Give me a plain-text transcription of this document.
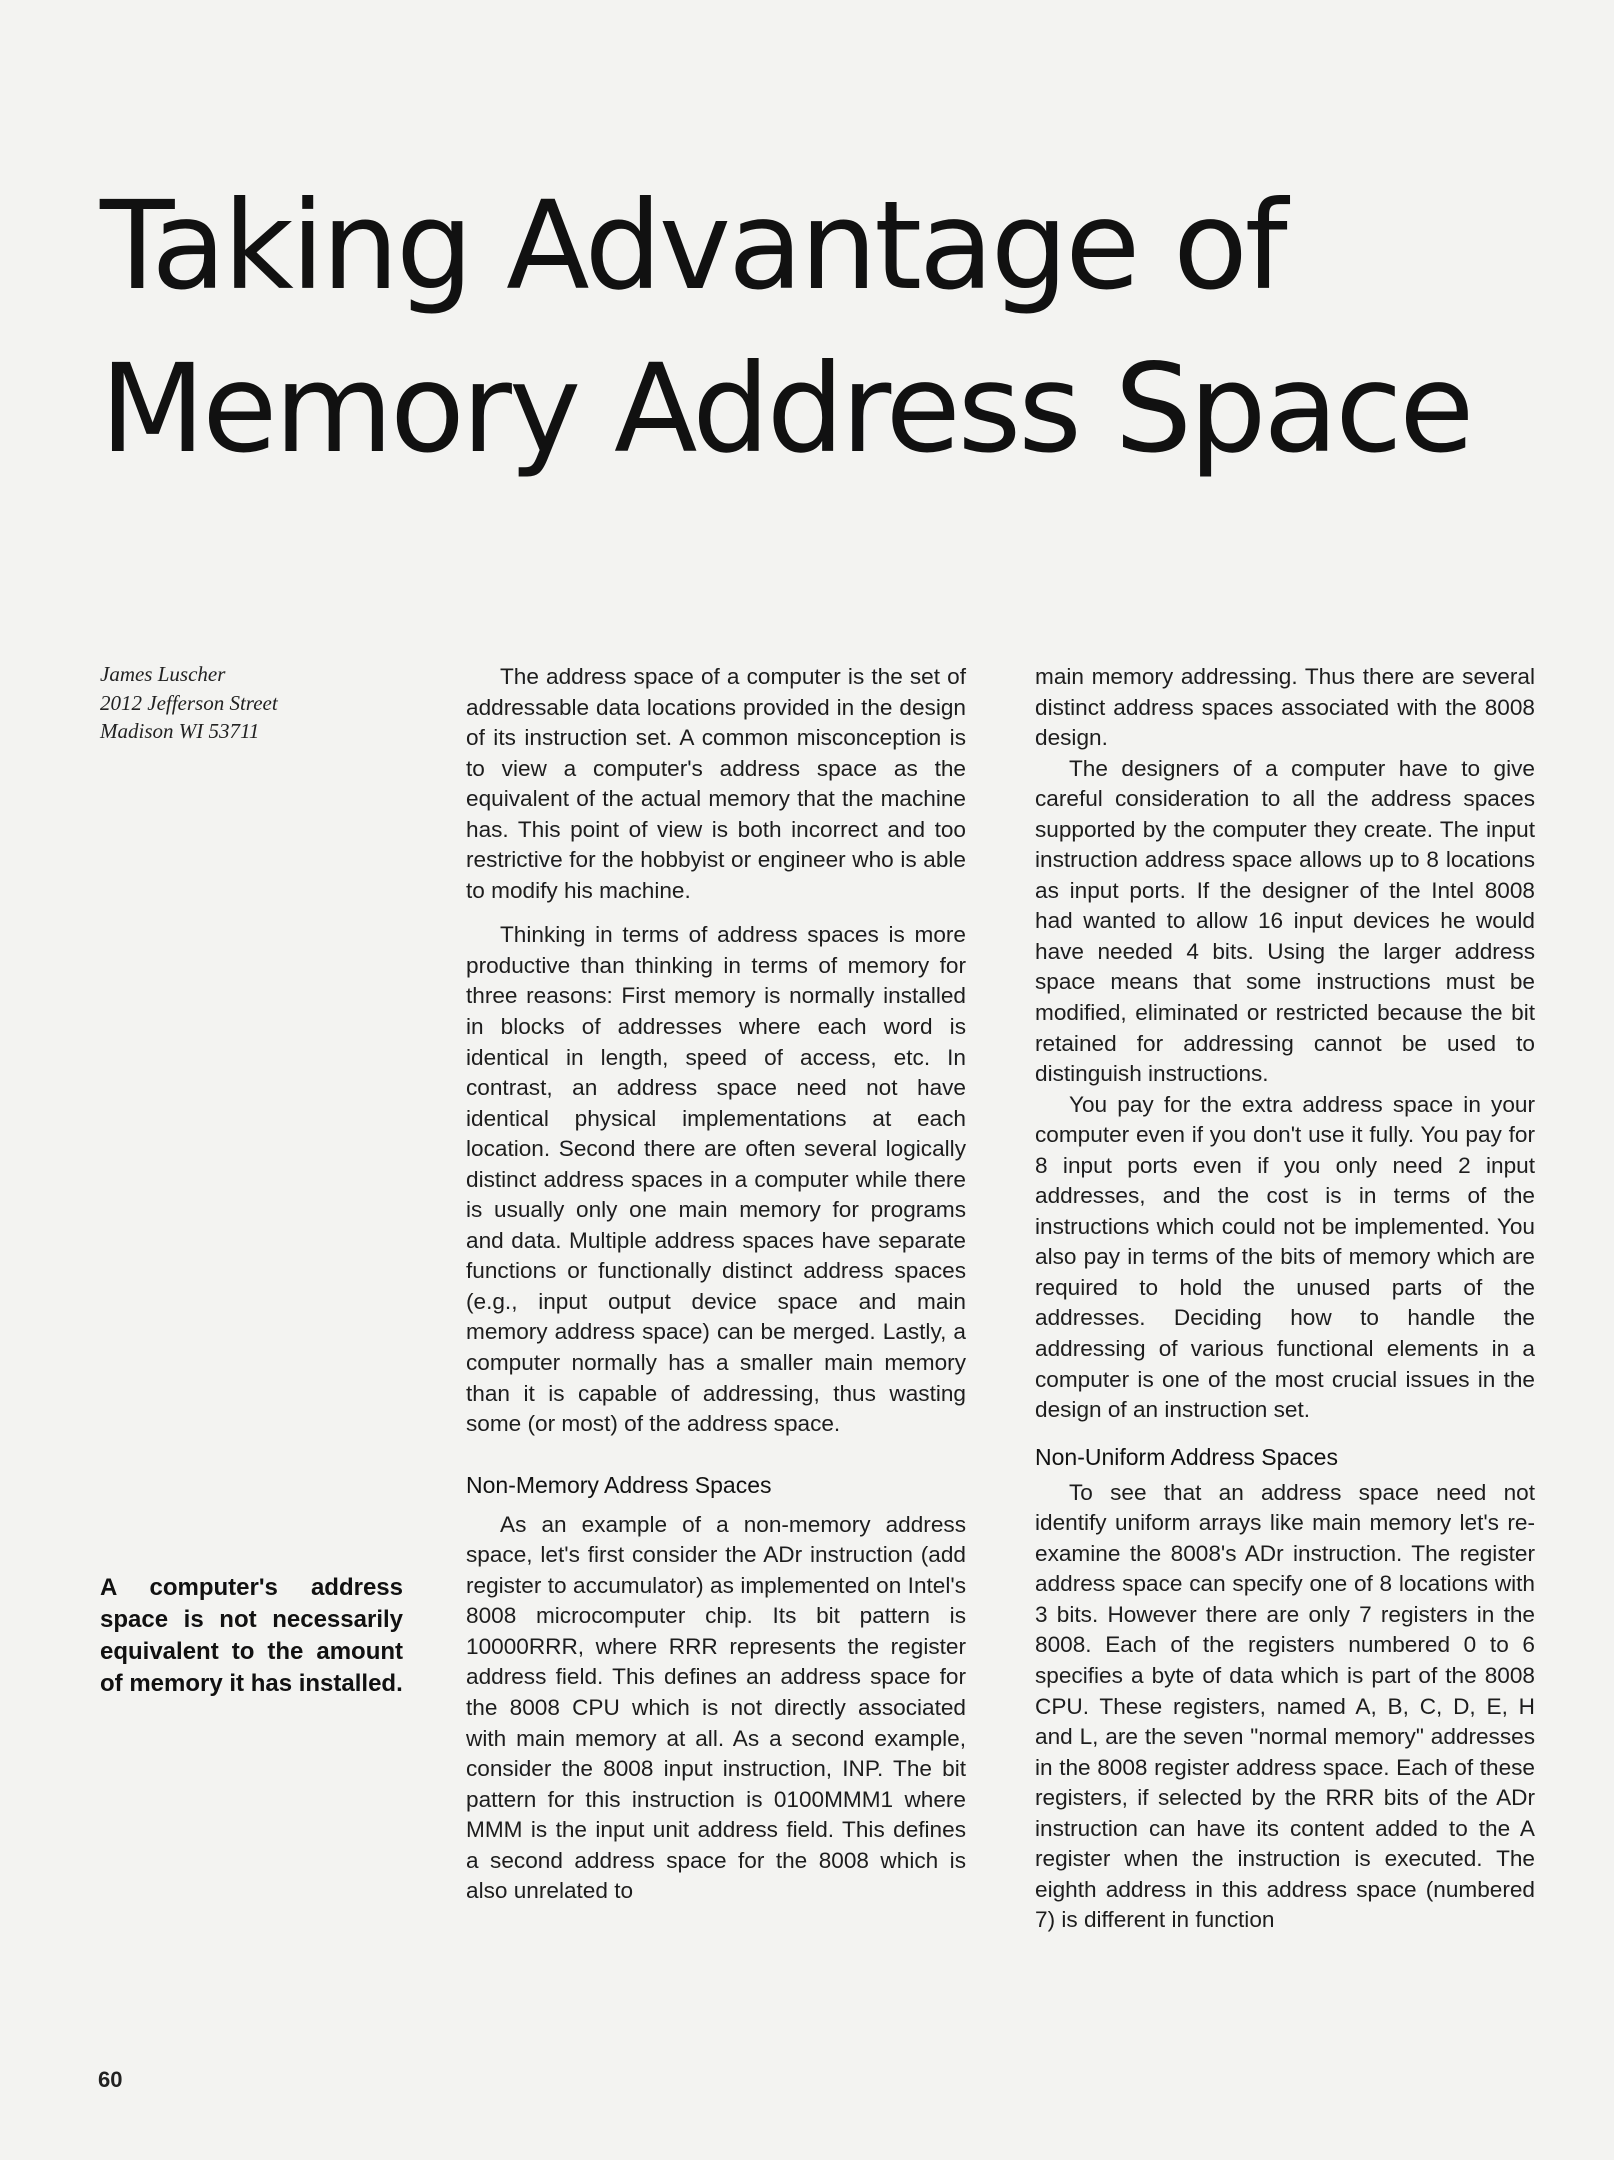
Taking Advantage of
Memory Address Space
James Luscher
2012 Jefferson Street
Madison WI 53711

A computer's address space is not necessarily equivalent to the amount of memory it has installed.

The address space of a computer is the set of addressable data locations provided in the design of its instruction set. A common misconception is to view a computer's address space as the equivalent of the actual memory that the machine has. This point of view is both incorrect and too restrictive for the hobbyist or engineer who is able to modify his machine.

Thinking in terms of address spaces is more productive than thinking in terms of memory for three reasons: First memory is normally installed in blocks of addresses where each word is identical in length, speed of access, etc. In contrast, an address space need not have identical physical implementations at each location. Second there are often several logically distinct address spaces in a computer while there is usually only one main memory for programs and data. Multiple address spaces have separate functions or functionally distinct address spaces (e.g., input output device space and main memory address space) can be merged. Lastly, a computer normally has a smaller main memory than it is capable of addressing, thus wasting some (or most) of the address space.

Non-Memory Address Spaces

As an example of a non-memory address space, let's first consider the ADr instruction (add register to accumulator) as implemented on Intel's 8008 microcomputer chip. Its bit pattern is 10000RRR, where RRR represents the register address field. This defines an address space for the 8008 CPU which is not directly associated with main memory at all. As a second example, consider the 8008 input instruction, INP. The bit pattern for this instruction is 0100MMM1 where MMM is the input unit address field. This defines a second address space for the 8008 which is also unrelated to

main memory addressing. Thus there are several distinct address spaces associated with the 8008 design.

The designers of a computer have to give careful consideration to all the address spaces supported by the computer they create. The input instruction address space allows up to 8 locations as input ports. If the designer of the Intel 8008 had wanted to allow 16 input devices he would have needed 4 bits. Using the larger address space means that some instructions must be modified, eliminated or restricted because the bit retained for addressing cannot be used to distinguish instructions.

You pay for the extra address space in your computer even if you don't use it fully. You pay for 8 input ports even if you only need 2 input addresses, and the cost is in terms of the instructions which could not be implemented. You also pay in terms of the bits of memory which are required to hold the unused parts of the addresses. Deciding how to handle the addressing of various functional elements in a computer is one of the most crucial issues in the design of an instruction set.

Non-Uniform Address Spaces

To see that an address space need not identify uniform arrays like main memory let's re-examine the 8008's ADr instruction. The register address space can specify one of 8 locations with 3 bits. However there are only 7 registers in the 8008. Each of the registers numbered 0 to 6 specifies a byte of data which is part of the 8008 CPU. These registers, named A, B, C, D, E, H and L, are the seven "normal memory" addresses in the 8008 register address space. Each of these registers, if selected by the RRR bits of the ADr instruction can have its content added to the A register when the instruction is executed. The eighth address in this address space (numbered 7) is different in function

60
